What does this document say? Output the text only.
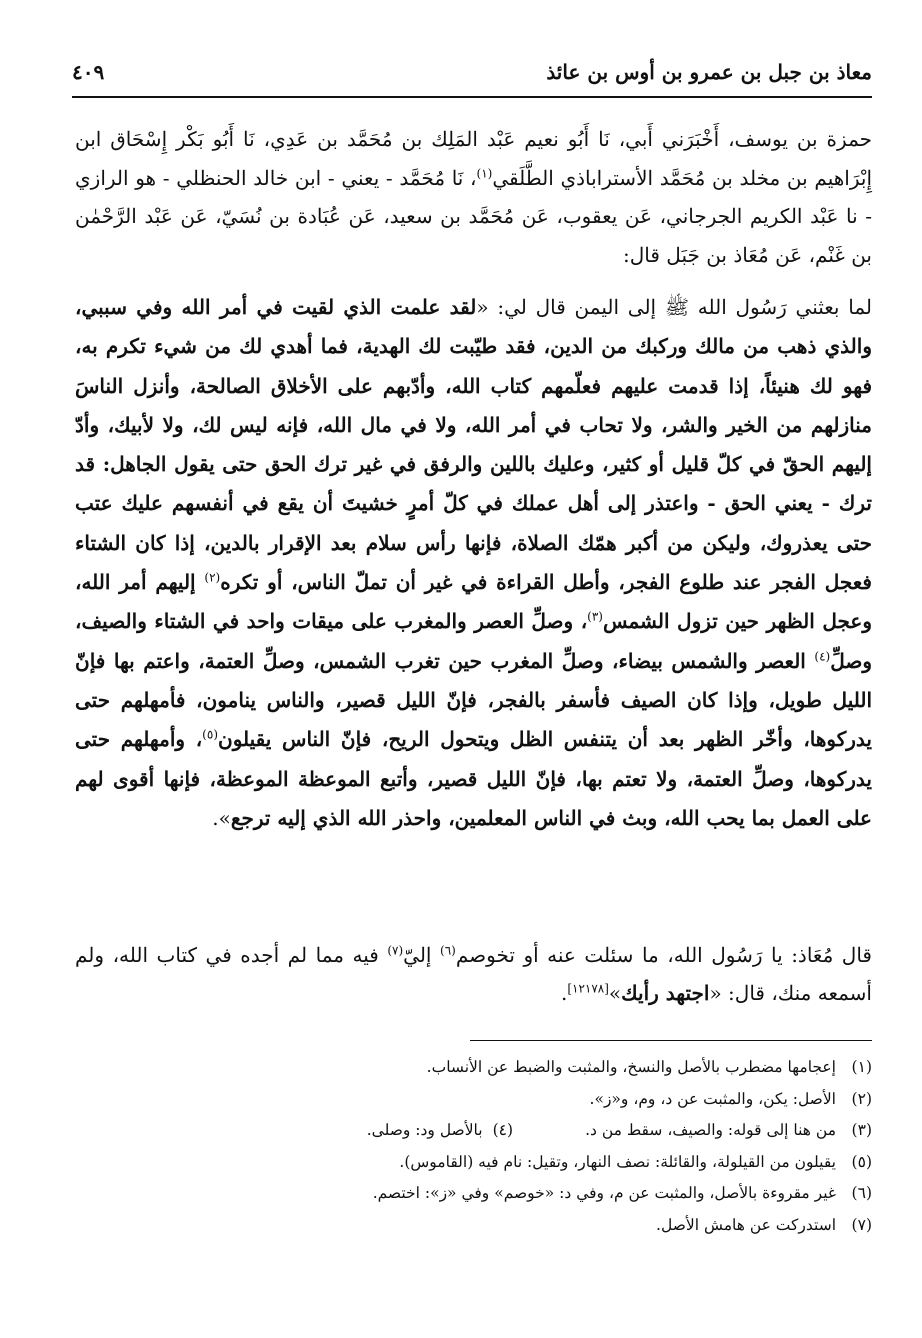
معاذ بن جبل بن عمرو بن أوس بن عائذ
٤٠٩
حمزة بن يوسف، أَخْبَرَني أَبي، نَا أَبُو نعيم عَبْد المَلِك بن مُحَمَّد بن عَدِي، نَا أَبُو بَكْر إِسْحَاق ابن إِبْرَاهيم بن مخلد بن مُحَمَّد الأستراباذي الطَّلَقي$^{(١)}$، نَا مُحَمَّد - يعني - ابن خالد الحنظلي - هو الرازي - نا عَبْد الكريم الجرجاني، عَن يعقوب، عَن مُحَمَّد بن سعيد، عَن عُبَادة بن نُسَيّ، عَن عَبْد الرَّحْمٰن بن غَنْم، عَن مُعَاذ بن جَبَل قال:
لما بعثني رَسُول الله ﷺ إلى اليمن قال لي: «لقد علمت الذي لقيت في أمر الله وفي سببي، والذي ذهب من مالك وركبك من الدين، فقد طيّبت لك الهدية، فما أهدي لك من شيء تكرم به، فهو لك هنيئاً، إذا قدمت عليهم فعلّمهم كتاب الله، وأدّبهم على الأخلاق الصالحة، وأنزل الناسَ منازلهم من الخير والشر، ولا تحاب في أمر الله، ولا في مال الله، فإنه ليس لك، ولا لأبيك، وأدّ إليهم الحقّ في كلّ قليل أو كثير، وعليك باللين والرفق في غير ترك الحق حتى يقول الجاهل: قد ترك - يعني الحق - واعتذر إلى أهل عملك في كلّ أمرٍ خشيتَ أن يقع في أنفسهم عليك عتب حتى يعذروك، وليكن من أكبر همّك الصلاة، فإنها رأس سلام بعد الإقرار بالدين، إذا كان الشتاء فعجل الفجر عند طلوع الفجر، وأطل القراءة في غير أن تملّ الناس، أو تكره$^{(٢)}$ إليهم أمر الله، وعجل الظهر حين تزول الشمس$^{(٣)}$، وصلِّ العصر والمغرب على ميقات واحد في الشتاء والصيف، وصلِّ$^{(٤)}$ العصر والشمس بيضاء، وصلِّ المغرب حين تغرب الشمس، وصلِّ العتمة، واعتم بها فإنّ الليل طويل، وإذا كان الصيف فأسفر بالفجر، فإنّ الليل قصير، والناس ينامون، فأمهلهم حتى يدركوها، وأخّر الظهر بعد أن يتنفس الظل ويتحول الريح، فإنّ الناس يقيلون$^{(٥)}$، وأمهلهم حتى يدركوها، وصلِّ العتمة، ولا تعتم بها، فإنّ الليل قصير، وأتبع الموعظة الموعظة، فإنها أقوى لهم على العمل بما يحب الله، وبث في الناس المعلمين، واحذر الله الذي إليه ترجع».
قال مُعَاذ: يا رَسُول الله، ما سئلت عنه أو تخوصم$^{(٦)}$ إليّ$^{(٧)}$ فيه مما لم أجده في كتاب الله، ولم أسمعه منك، قال: «اجتهد رأيك»[١٢١٧٨].
(١)
إعجامها مضطرب بالأصل والنسخ، والمثبت والضبط عن الأنساب.
(٢)
الأصل: يكن، والمثبت عن د، وم، و«ز».
(٣)
من هنا إلى قوله: والصيف، سقط من د.
(٤)
بالأصل ود: وصلى.
(٥)
يقيلون من القيلولة، والقائلة: نصف النهار، وتقيل: نام فيه (القاموس).
(٦)
غير مقروءة بالأصل، والمثبت عن م، وفي د: «خوصم» وفي «ز»: اختصم.
(٧)
استدركت عن هامش الأصل.
